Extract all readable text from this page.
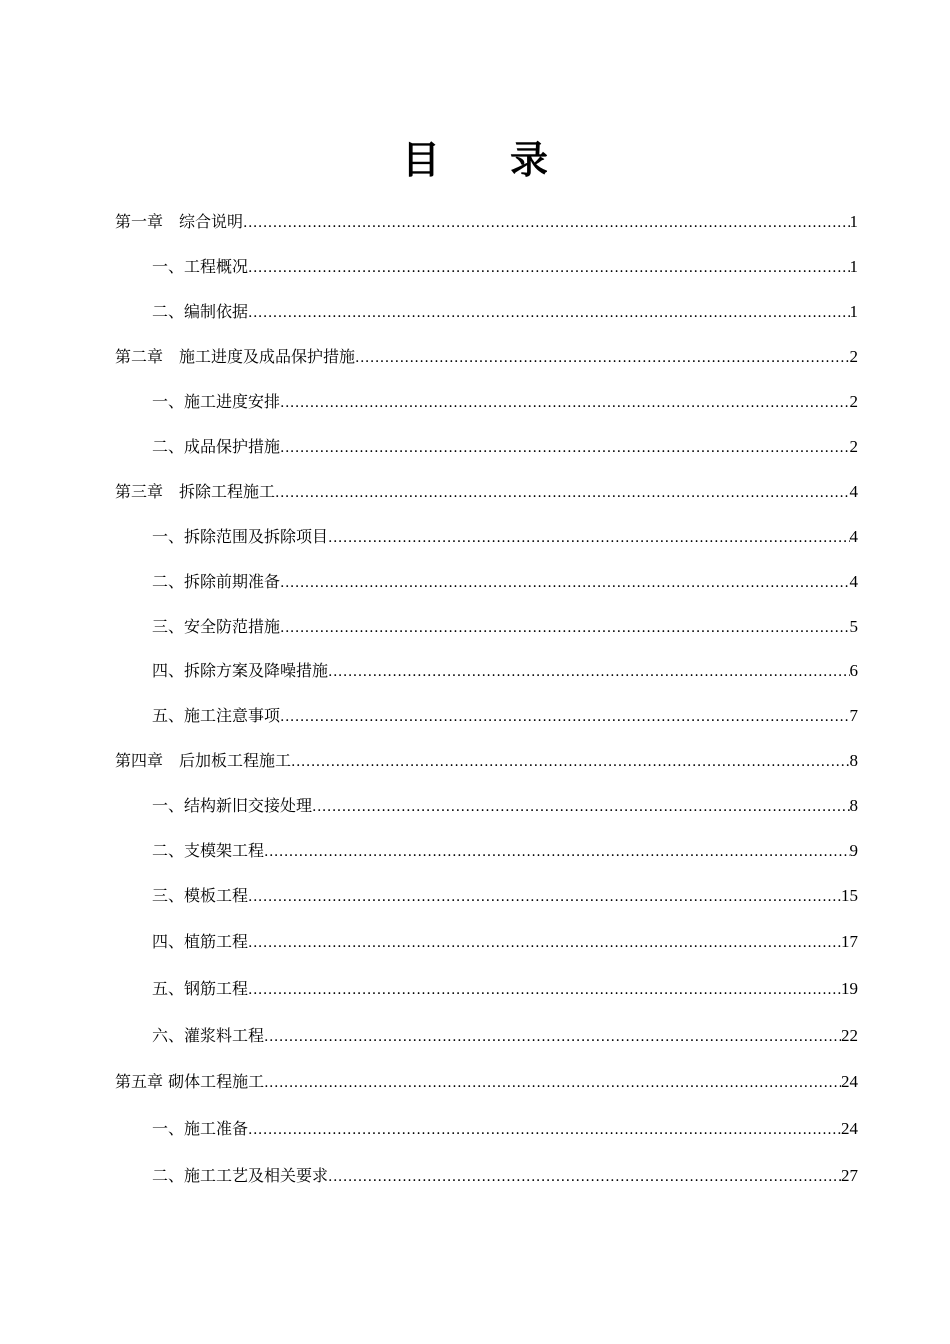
目录
第一章　综合说明 .....	1
一、工程概况 .....	1
二、编制依据 .....	1
第二章　施工进度及成品保护措施 .....	2
一、施工进度安排 .....	2
二、成品保护措施 .....	2
第三章　拆除工程施工 .....	4
一、拆除范围及拆除项目 .....	4
二、拆除前期准备 .....	4
三、安全防范措施 .....	5
四、拆除方案及降噪措施 .....	6
五、施工注意事项 .....	7
第四章　后加板工程施工 .....	8
一、结构新旧交接处理 .....	8
二、支模架工程 .....	9
三、模板工程 .....	15
四、植筋工程 .....	17
五、钢筋工程 .....	19
六、灌浆料工程 .....	22
第五章 砌体工程施工 .....	24
一、施工准备 .....	24
二、施工工艺及相关要求 .....	27
